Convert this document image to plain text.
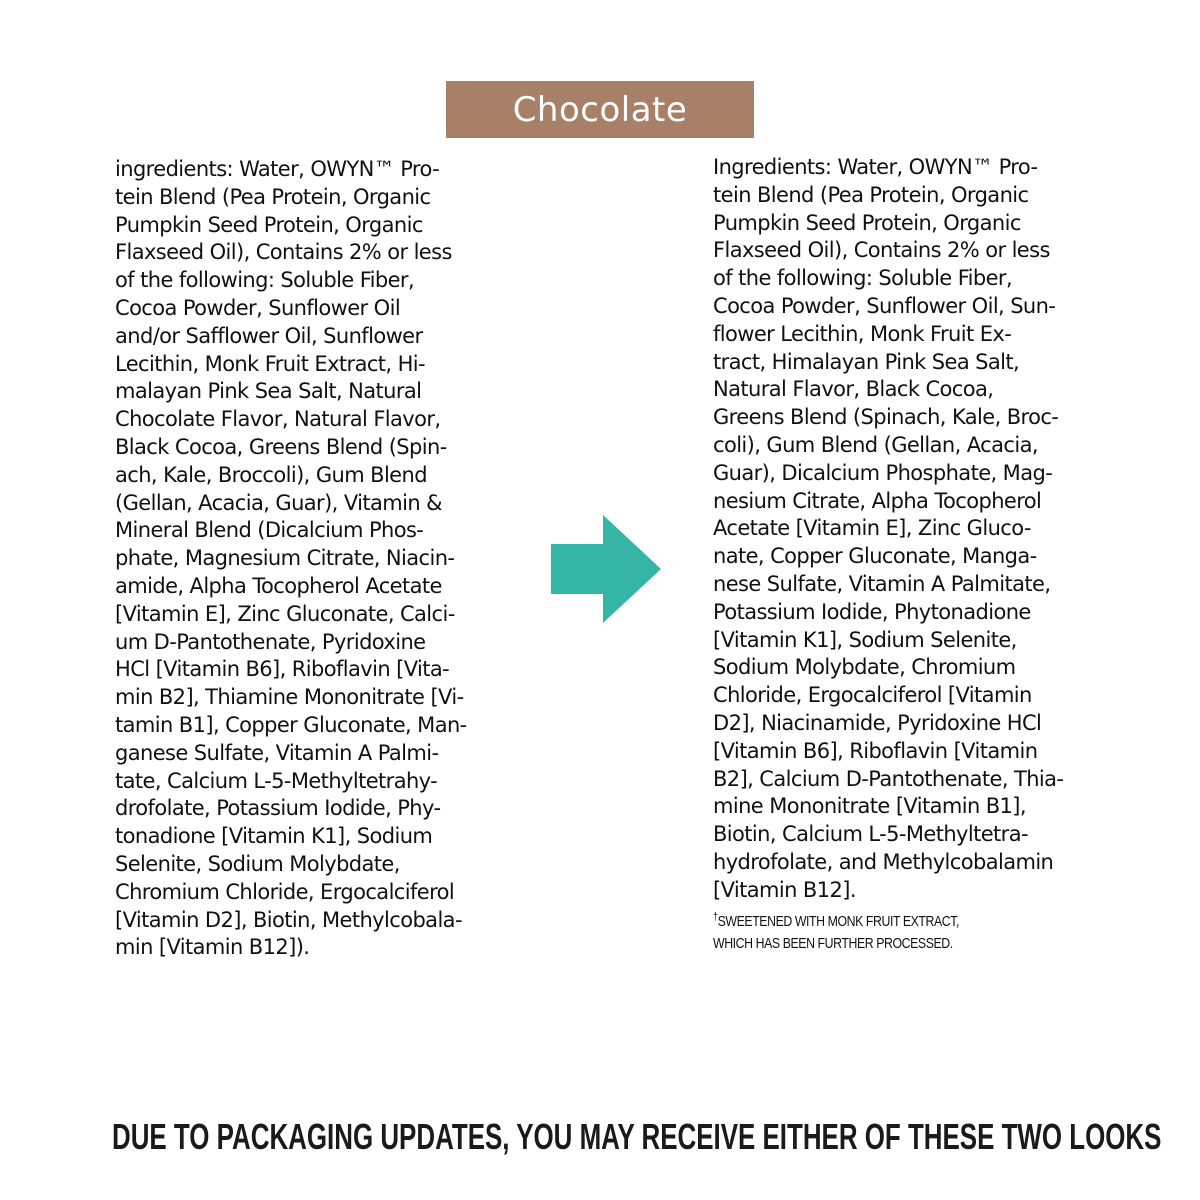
Chocolate
ingredients: Water, OWYN™ Pro-
tein Blend (Pea Protein, Organic
Pumpkin Seed Protein, Organic
Flaxseed Oil), Contains 2% or less
of the following: Soluble Fiber,
Cocoa Powder, Sunflower Oil
and/or Safflower Oil, Sunflower
Lecithin, Monk Fruit Extract, Hi-
malayan Pink Sea Salt, Natural
Chocolate Flavor, Natural Flavor,
Black Cocoa, Greens Blend (Spin-
ach, Kale, Broccoli), Gum Blend
(Gellan, Acacia, Guar), Vitamin &
Mineral Blend (Dicalcium Phos-
phate, Magnesium Citrate, Niacin-
amide, Alpha Tocopherol Acetate
[Vitamin E], Zinc Gluconate, Calci-
um D-Pantothenate, Pyridoxine
HCl [Vitamin B6], Riboflavin [Vita-
min B2], Thiamine Mononitrate [Vi-
tamin B1], Copper Gluconate, Man-
ganese Sulfate, Vitamin A Palmi-
tate, Calcium L-5-Methyltetrahy-
drofolate, Potassium Iodide, Phy-
tonadione [Vitamin K1], Sodium
Selenite, Sodium Molybdate,
Chromium Chloride, Ergocalciferol
[Vitamin D2], Biotin, Methylcobala-
min [Vitamin B12]).
Ingredients: Water, OWYN™ Pro-
tein Blend (Pea Protein, Organic
Pumpkin Seed Protein, Organic
Flaxseed Oil), Contains 2% or less
of the following: Soluble Fiber,
Cocoa Powder, Sunflower Oil, Sun-
flower Lecithin, Monk Fruit Ex-
tract, Himalayan Pink Sea Salt,
Natural Flavor, Black Cocoa,
Greens Blend (Spinach, Kale, Broc-
coli), Gum Blend (Gellan, Acacia,
Guar), Dicalcium Phosphate, Mag-
nesium Citrate, Alpha Tocopherol
Acetate [Vitamin E], Zinc Gluco-
nate, Copper Gluconate, Manga-
nese Sulfate, Vitamin A Palmitate,
Potassium Iodide, Phytonadione
[Vitamin K1], Sodium Selenite,
Sodium Molybdate, Chromium
Chloride, Ergocalciferol [Vitamin
D2], Niacinamide, Pyridoxine HCl
[Vitamin B6], Riboflavin [Vitamin
B2], Calcium D-Pantothenate, Thia-
mine Mononitrate [Vitamin B1],
Biotin, Calcium L-5-Methyltetra-
hydrofolate, and Methylcobalamin
[Vitamin B12].
†SWEETENED WITH MONK FRUIT EXTRACT,
WHICH HAS BEEN FURTHER PROCESSED.
DUE TO PACKAGING UPDATES, YOU MAY RECEIVE EITHER OF THESE TWO LOOKS
